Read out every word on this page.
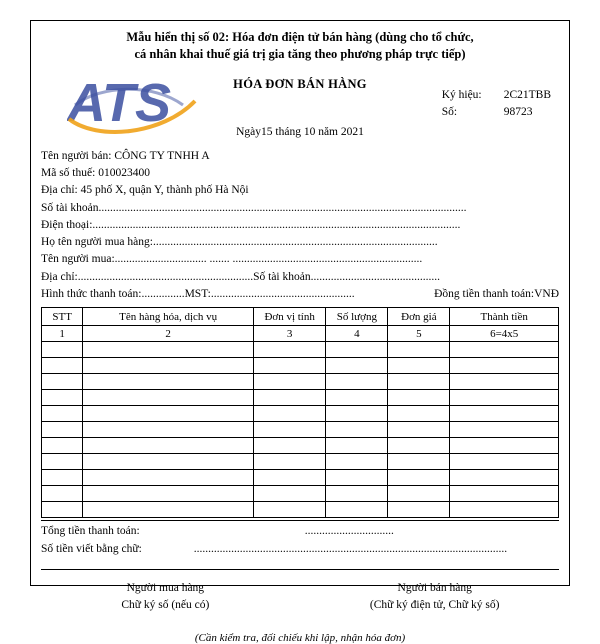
ATS
Mẫu hiển thị số 02: Hóa đơn điện tử bán hàng (dùng cho tổ chức,
cá nhân khai thuế giá trị gia tăng theo phương pháp trực tiếp)
HÓA ĐƠN BÁN HÀNG
Ký hiệu:	2C21TBB
Số:	98723
Ngày15 tháng 10 năm 2021
Tên người bán: CÔNG TY TNHH A
Mã số thuế: 010023400
Địa chỉ: 45 phố X, quận Y, thành phố Hà Nội
Số tài khoản................................................................................................................................
Điện thoại:................................................................................................................................
Họ tên người mua hàng:...................................................................................................
Tên người mua:................................ ....... ..................................................................
Địa chỉ:.............................................................Số tài khoản.............................................
Hình thức thanh toán:...............MST:..................................................	Đồng tiền thanh toán:VNĐ
STT	Tên hàng hóa, dịch vụ	Đơn vị tính	Số lượng	Đơn giá	Thành tiền
1	2	3	4	5	6=4x5

Tổng tiền thanh toán:	...............................
Số tiền viết bằng chữ:	.............................................................................................................
Người mua hàng
Chữ ký số (nếu có)
Người bán hàng
(Chữ ký điện tử, Chữ ký số)
(Cần kiểm tra, đối chiếu khi lập, nhận hóa đơn)
